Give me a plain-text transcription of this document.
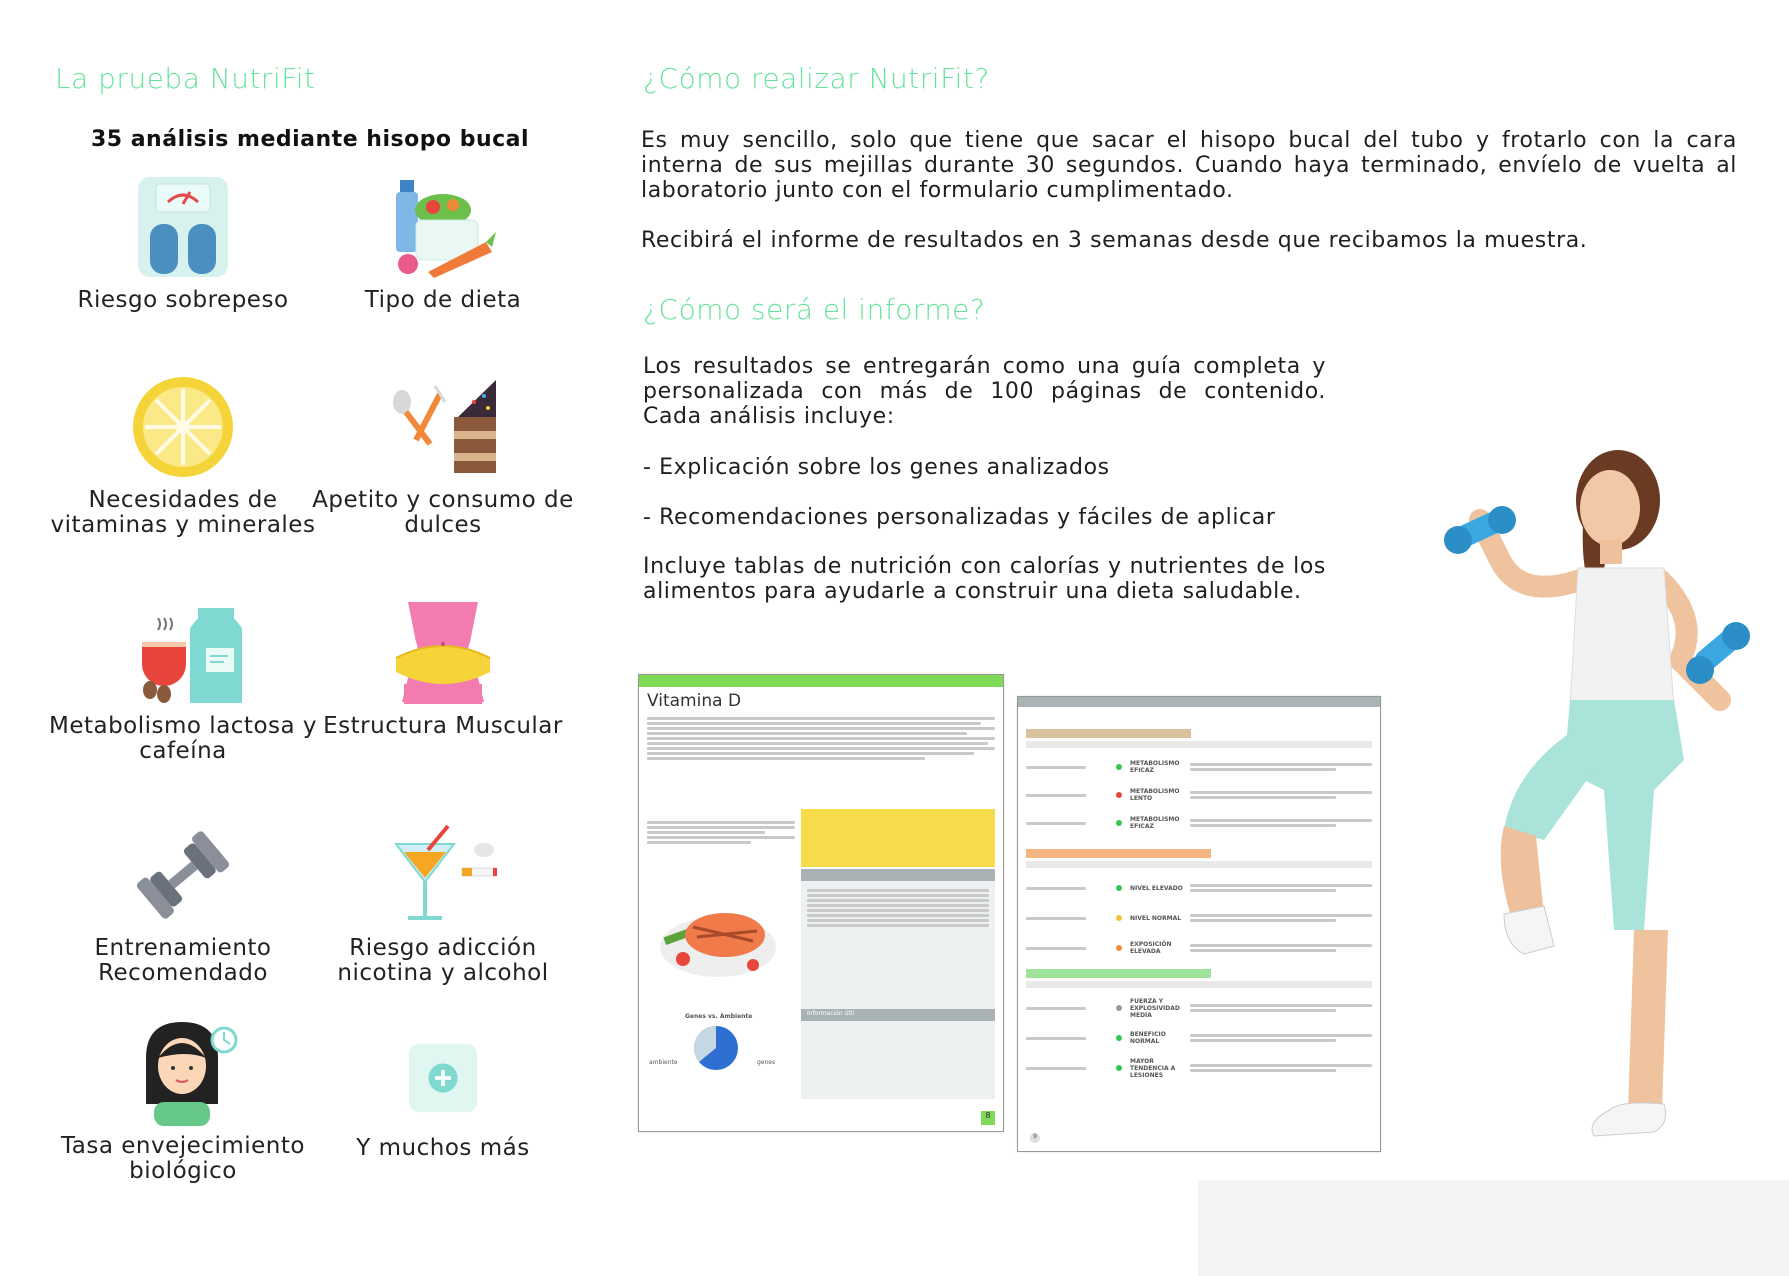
La prueba NutriFit
35 análisis mediante hisopo bucal
Riesgo sobrepeso	Tipo de dieta
Necesidades de vitaminas y minerales
Apetito y consumo de dulces
Metabolismo lactosa y cafeína
Estructura Muscular
Entrenamiento Recomendado
Riesgo adicción nicotina y alcohol
Tasa envejecimiento biológico
Y muchos más
¿Cómo realizar NutriFit?

Es muy sencillo, solo que tiene que sacar el hisopo bucal del tubo y frotarlo con la cara interna de sus mejillas durante 30 segundos. Cuando haya terminado, envíelo de vuelta al laboratorio junto con el formulario cumplimentado.

Recibirá el informe de resultados en 3 semanas desde que recibamos la muestra.

¿Cómo será el informe?

Los resultados se entregarán como una guía completa y personalizada con más de 100 páginas de contenido. Cada análisis incluye:

- Explicación sobre los genes analizados

- Recomendaciones personalizadas y fáciles de aplicar

Incluye tablas de nutrición con calorías y nutrientes de los alimentos para ayudarle a construir una dieta saludable.

Vitamina D
Información útil
Genes vs. Ambiente
ambiente	genes
8
METABOLISMO EFICAZ
METABOLISMO LENTO
METABOLISMO EFICAZ
NIVEL ELEVADO
NIVEL NORMAL
EXPOSICIÓN ELEVADA
FUERZA Y EXPLOSIVIDAD MEDIA
BENEFICIO NORMAL
MAYOR TENDENCIA A LESIONES
9
